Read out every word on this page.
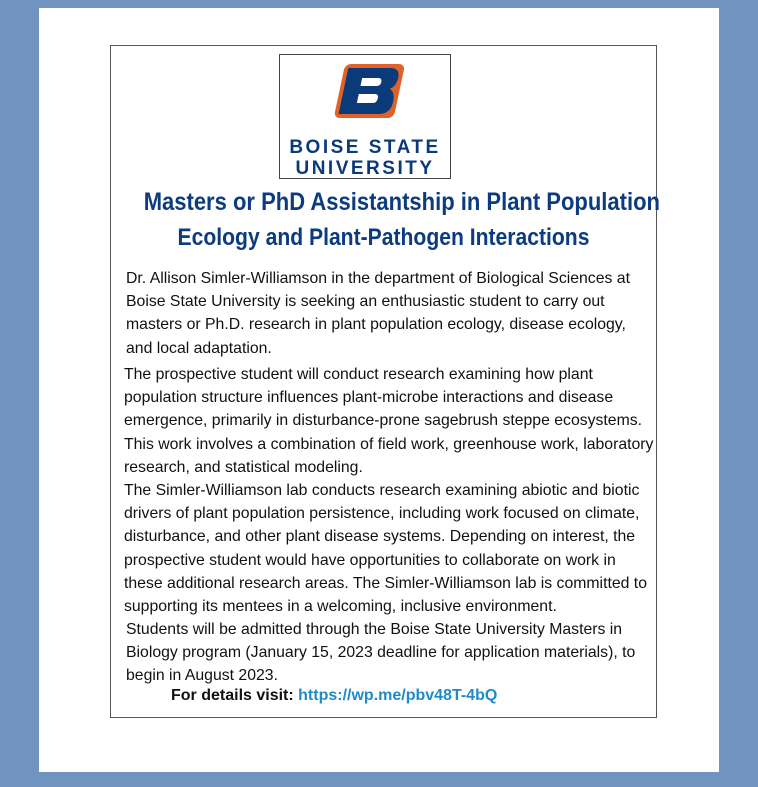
BOISE STATE
UNIVERSITY
Masters or PhD Assistantship in Plant Population
Ecology and Plant-Pathogen Interactions
Dr. Allison Simler-Williamson in the department of Biological Sciences at Boise State University is seeking an enthusiastic student to carry out masters or Ph.D. research in plant population ecology, disease ecology, and local adaptation.
The prospective student will conduct research examining how plant population structure influences plant-microbe interactions and disease emergence, primarily in disturbance-prone sagebrush steppe ecosystems. This work involves a combination of field work, greenhouse work, laboratory research, and statistical modeling.
The Simler-Williamson lab conducts research examining abiotic and biotic drivers of plant population persistence, including work focused on climate, disturbance, and other plant disease systems. Depending on interest, the prospective student would have opportunities to collaborate on work in these additional research areas. The Simler-Williamson lab is committed to supporting its mentees in a welcoming, inclusive environment.
Students will be admitted through the Boise State University Masters in Biology program (January 15, 2023 deadline for application materials), to begin in August 2023.
For details visit: https://wp.me/pbv48T-4bQ
